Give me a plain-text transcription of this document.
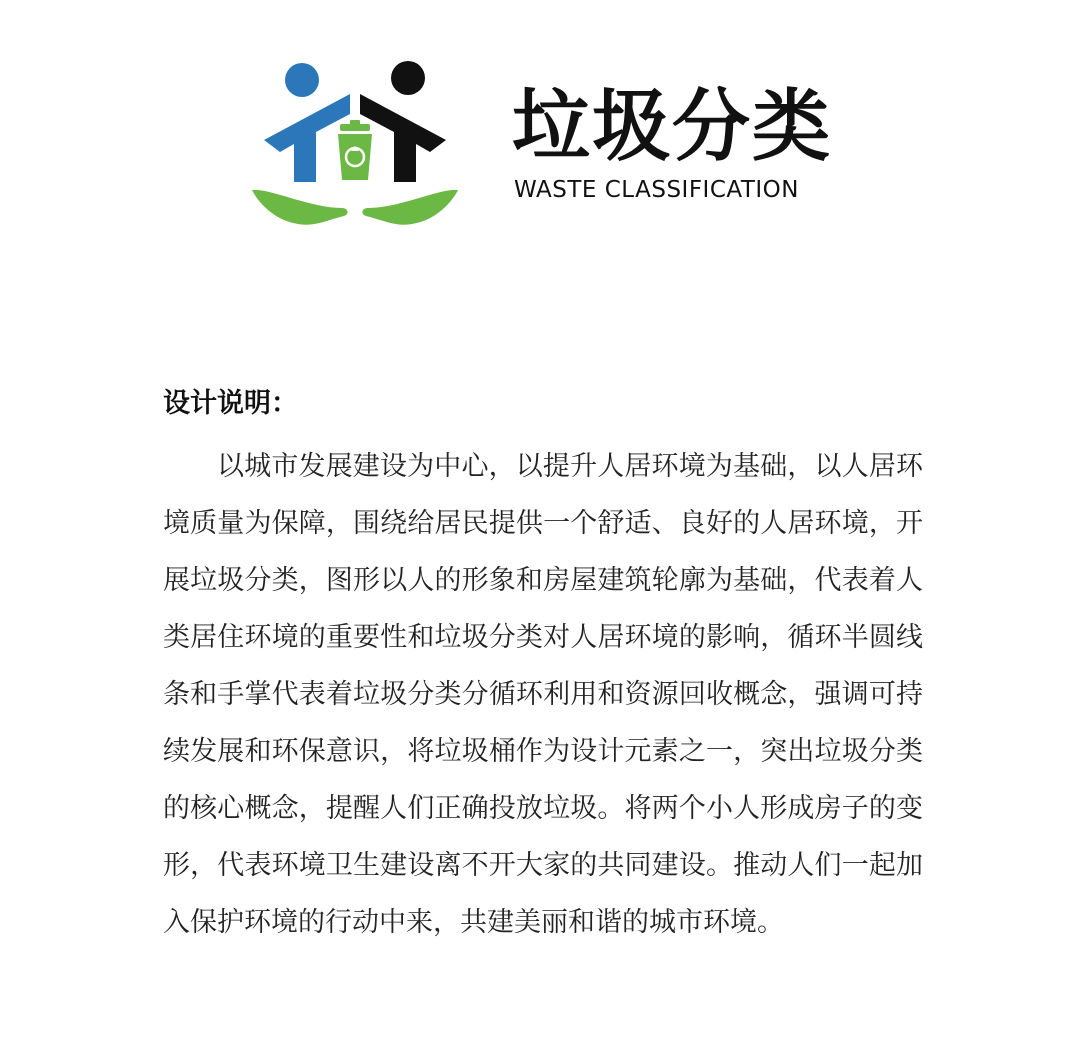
垃圾分类
WASTE CLASSIFICATION
设计说明：

以城市发展建设为中心，以提升人居环境为基础，以人居环境质量为保障，围绕给居民提供一个舒适、良好的人居环境，开展垃圾分类，图形以人的形象和房屋建筑轮廓为基础，代表着人类居住环境的重要性和垃圾分类对人居环境的影响，循环半圆线条和手掌代表着垃圾分类分循环利用和资源回收概念，强调可持续发展和环保意识，将垃圾桶作为设计元素之一，突出垃圾分类的核心概念，提醒人们正确投放垃圾。将两个小人形成房子的变形，代表环境卫生建设离不开大家的共同建设。推动人们一起加入保护环境的行动中来，共建美丽和谐的城市环境。
